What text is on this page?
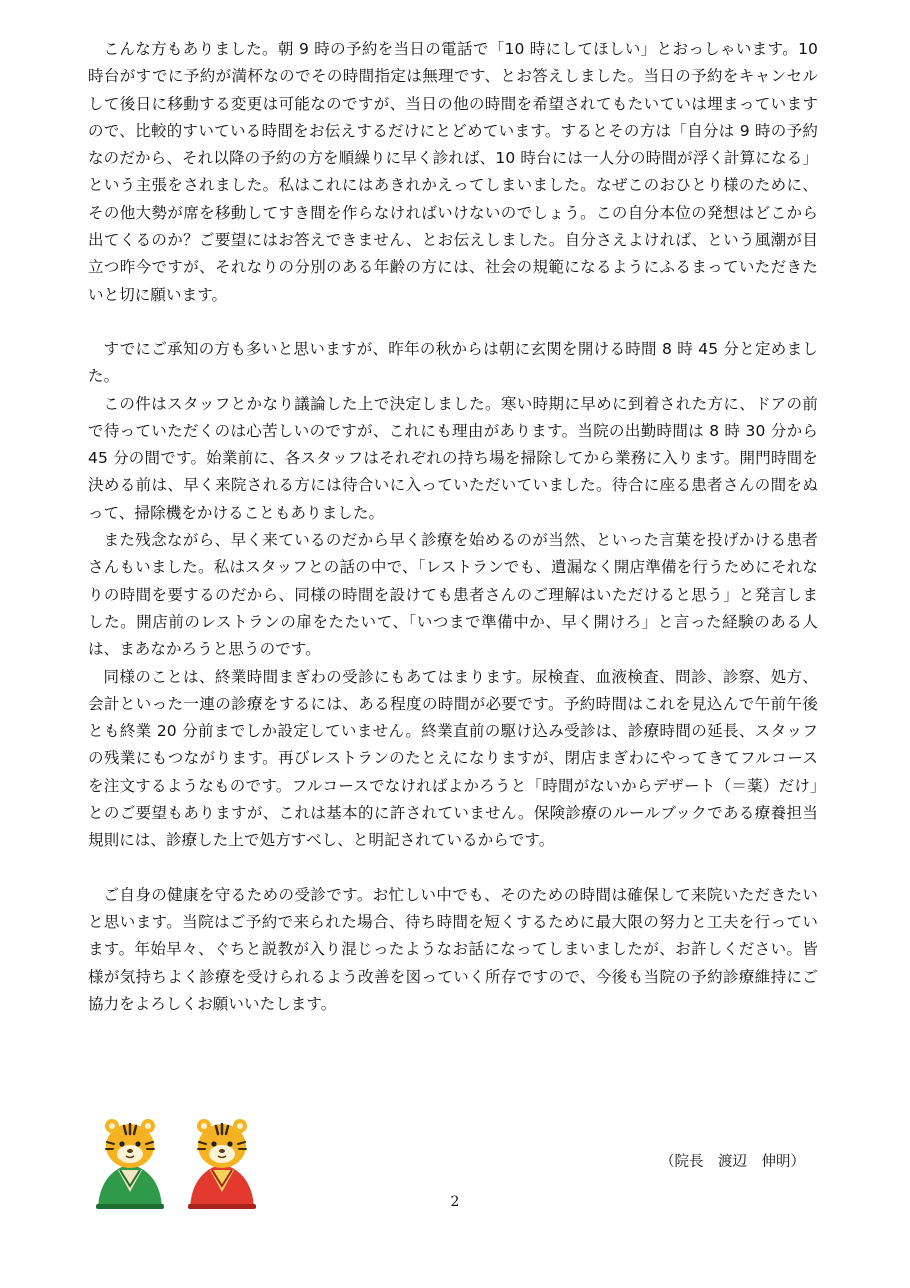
こんな方もありました。朝 9 時の予約を当日の電話で「10 時にしてほしい」とおっしゃいます。10 時台がすでに予約が満杯なのでその時間指定は無理です、とお答えしました。当日の予約をキャンセルして後日に移動する変更は可能なのですが、当日の他の時間を希望されてもたいていは埋まっていますので、比較的すいている時間をお伝えするだけにとどめています。するとその方は「自分は 9 時の予約なのだから、それ以降の予約の方を順繰りに早く診れば、10 時台には一人分の時間が浮く計算になる」という主張をされました。私はこれにはあきれかえってしまいました。なぜこのおひとり様のために、その他大勢が席を移動してすき間を作らなければいけないのでしょう。この自分本位の発想はどこから出てくるのか？ご要望にはお答えできません、とお伝えしました。自分さえよければ、という風潮が目立つ昨今ですが、それなりの分別のある年齢の方には、社会の規範になるようにふるまっていただきたいと切に願います。

すでにご承知の方も多いと思いますが、昨年の秋からは朝に玄関を開ける時間 8 時 45 分と定めました。

この件はスタッフとかなり議論した上で決定しました。寒い時期に早めに到着された方に、ドアの前で待っていただくのは心苦しいのですが、これにも理由があります。当院の出勤時間は 8 時 30 分から 45 分の間です。始業前に、各スタッフはそれぞれの持ち場を掃除してから業務に入ります。開門時間を決める前は、早く来院される方には待合いに入っていただいていました。待合に座る患者さんの間をぬって、掃除機をかけることもありました。

また残念ながら、早く来ているのだから早く診療を始めるのが当然、といった言葉を投げかける患者さんもいました。私はスタッフとの話の中で、「レストランでも、遺漏なく開店準備を行うためにそれなりの時間を要するのだから、同様の時間を設けても患者さんのご理解はいただけると思う」と発言しました。開店前のレストランの扉をたたいて、「いつまで準備中か、早く開けろ」と言った経験のある人は、まあなかろうと思うのです。

同様のことは、終業時間まぎわの受診にもあてはまります。尿検査、血液検査、問診、診察、処方、会計といった一連の診療をするには、ある程度の時間が必要です。予約時間はこれを見込んで午前午後とも終業 20 分前までしか設定していません。終業直前の駆け込み受診は、診療時間の延長、スタッフの残業にもつながります。再びレストランのたとえになりますが、閉店まぎわにやってきてフルコースを注文するようなものです。フルコースでなければよかろうと「時間がないからデザート（＝薬）だけ」とのご要望もありますが、これは基本的に許されていません。保険診療のルールブックである療養担当規則には、診療した上で処方すべし、と明記されているからです。

ご自身の健康を守るための受診です。お忙しい中でも、そのための時間は確保して来院いただきたいと思います。当院はご予約で来られた場合、待ち時間を短くするために最大限の努力と工夫を行っています。年始早々、ぐちと説教が入り混じったようなお話になってしまいましたが、お許しください。皆様が気持ちよく診療を受けられるよう改善を図っていく所存ですので、今後も当院の予約診療維持にご協力をよろしくお願いいたします。

（院長　渡辺　伸明）
2
